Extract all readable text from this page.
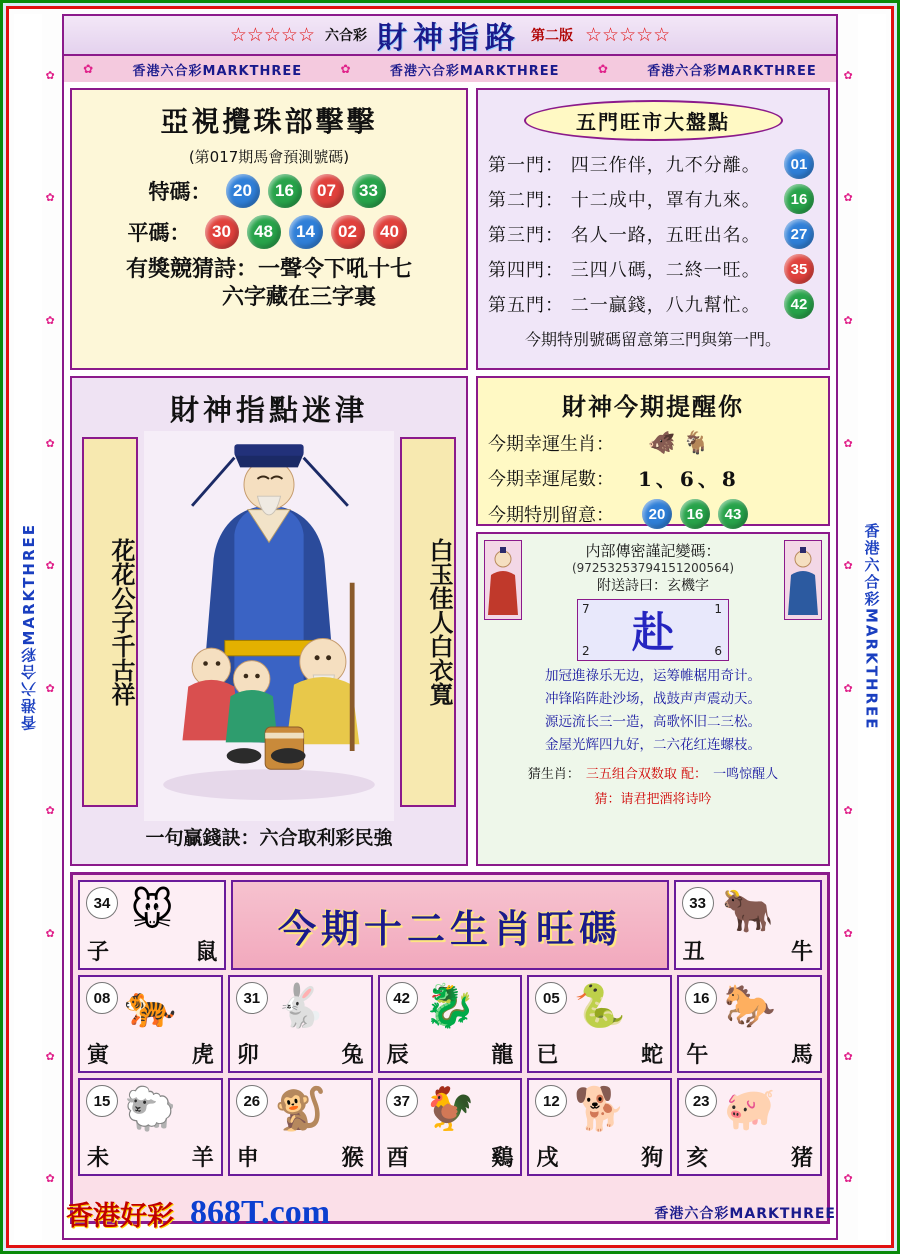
香港六合彩MARKTHREE	香港六合彩MARKTHREE
✿
✿
✿
✿
✿
✿
✿
✿
✿
✿
✿
✿
✿
✿
✿
✿
✿
✿
✿
✿
☆☆☆☆☆ 六合彩 財神指路 第二版 ☆☆☆☆☆
✿	香港六合彩MARKTHREE	✿	香港六合彩MARKTHREE	✿	香港六合彩MARKTHREE
亞視攪珠部擊擊
(第017期馬會預測號碼)
特碼：	20	16	07	33
平碼：	30	48	14	02	40
有獎競猜詩：一聲令下吼十七
六字藏在三字裏
五門旺市大盤點
第一門： 四三作伴，九不分離。	01
第二門： 十二成中，罩有九來。	16
第三門： 名人一路，五旺出名。	27
第四門： 三四八碼，二終一旺。	35
第五門： 二一贏錢，八九幫忙。	42
今期特別號碼留意第三門與第一門。
財神指點迷津
花花公子千古祥	白玉佳人白衣寬
一句贏錢訣：六合取利彩民強
財神今期提醒你
今期幸運生肖：	🐗 🐐
今期幸運尾數：	1、6、8
今期特別留意：	20	16	43
内部傳密謹記變碼：
(97253253794151200564)
附送詩曰：玄機字
7	1
2	6
赴
加冠進祿乐无边，运筹帷椐用奇计。
冲锋陷阵赴沙场，战鼓声声震动天。
源远流长三一造，高歌怀旧二三松。
金屋光辉四九好，二六花红连螺枝。
猜生肖： 三五组合双数取 配： 一鸣惊醒人
猜：请君把酒将诗吟
34 🐭
子	鼠
今期十二生肖旺碼
33 🐂
丑	牛
08 🐅
寅	虎
31 🐇
卯	兔
42 🐉
辰	龍
05 🐍
已	蛇
16 🐎
午	馬
15 🐑
未	羊
26 🐒
申	猴
37 🐓
酉	鷄
12 🐕
戌	狗
23 🐖
亥	猪
香港好彩 868T.com	香港六合彩MARKTHREE
